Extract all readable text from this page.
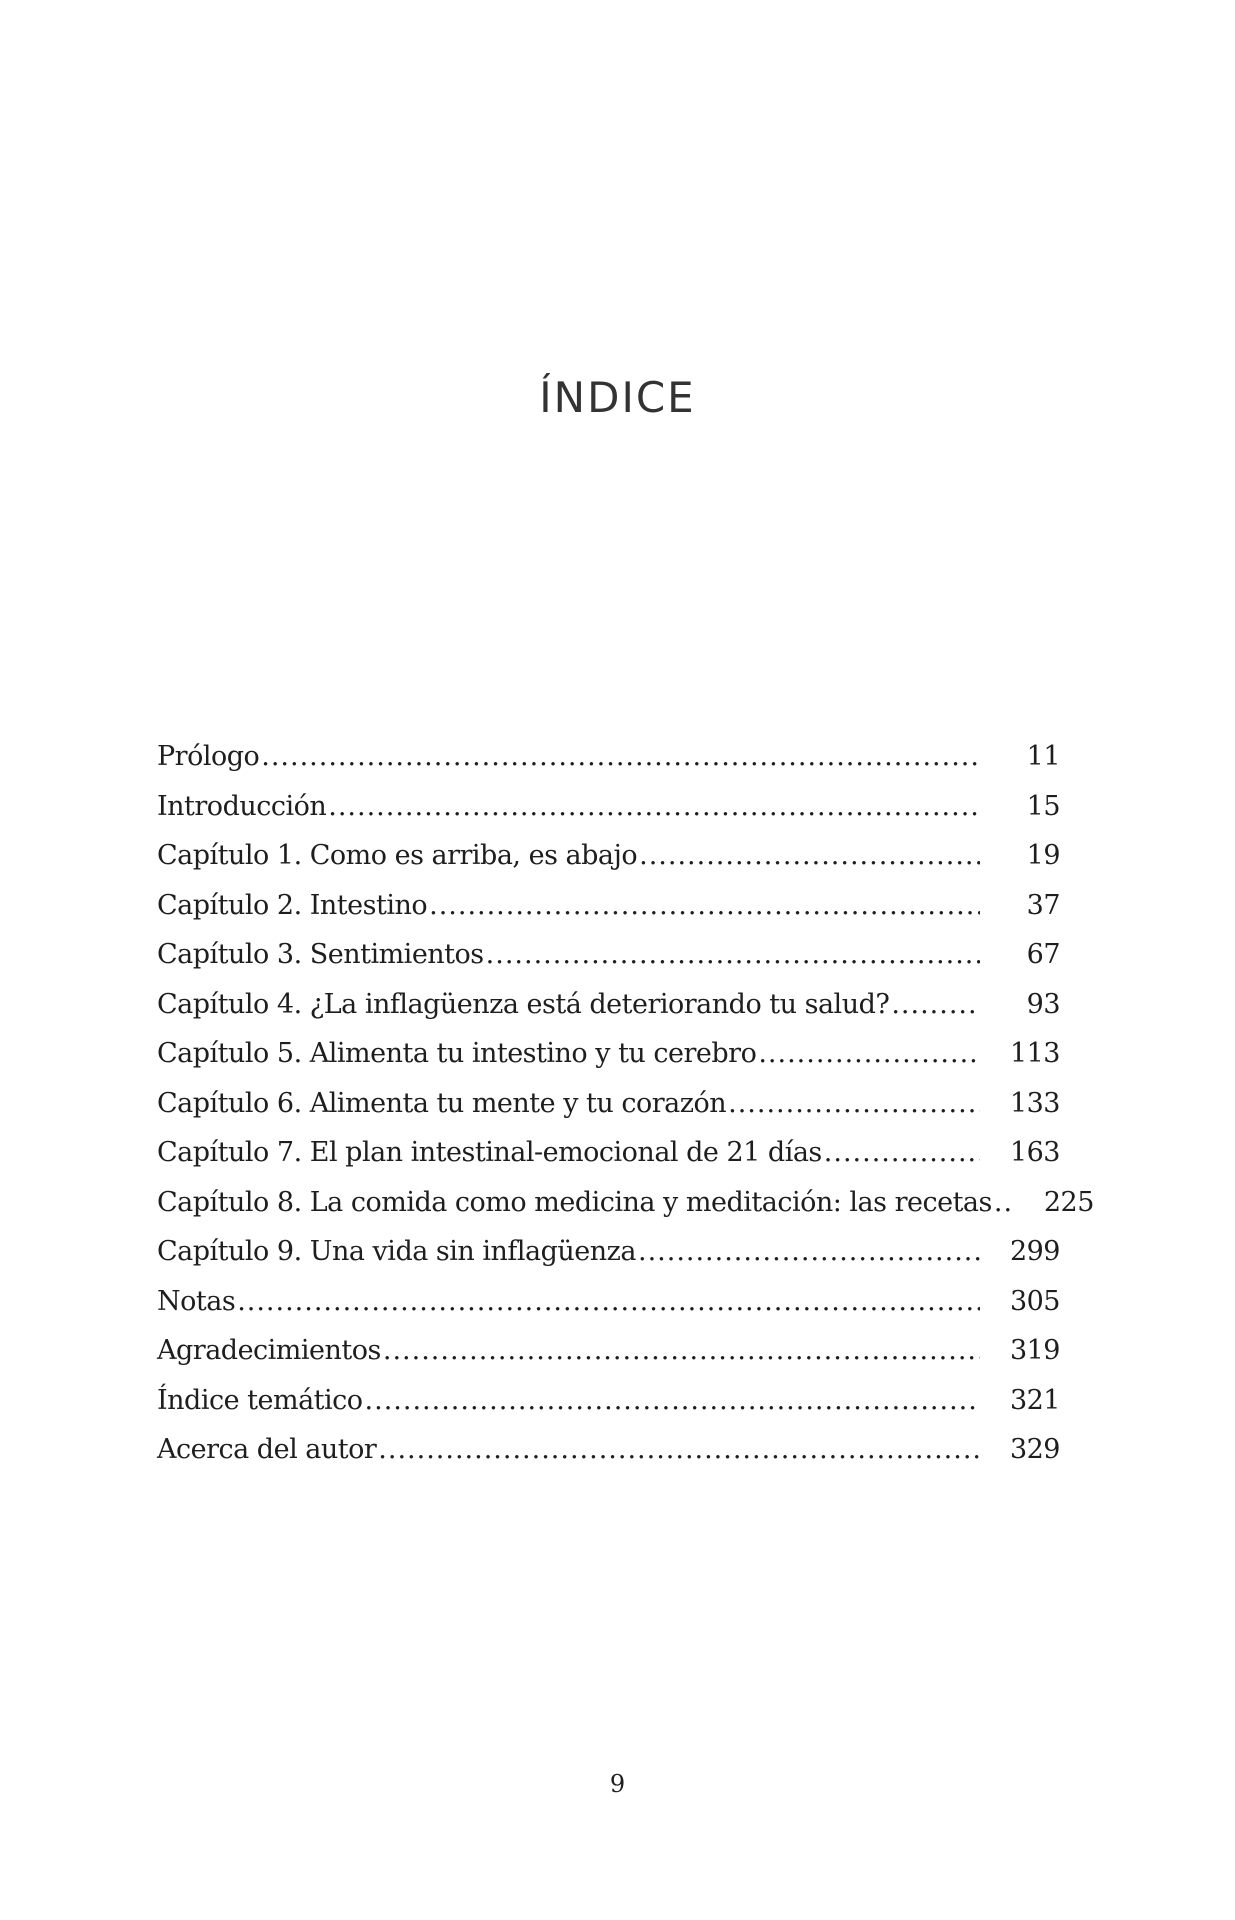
ÍNDICE
Prólogo .....	11
Introducción .....	15
Capítulo 1. Como es arriba, es abajo .....	19
Capítulo 2. Intestino .....	37
Capítulo 3. Sentimientos .....	67
Capítulo 4. ¿La inflagüenza está deteriorando tu salud? .....	93
Capítulo 5. Alimenta tu intestino y tu cerebro .....	113
Capítulo 6. Alimenta tu mente y tu corazón .....	133
Capítulo 7. El plan intestinal-emocional de 21 días .....	163
Capítulo 8. La comida como medicina y meditación: las recetas .....	225
Capítulo 9. Una vida sin inflagüenza .....	299
Notas .....	305
Agradecimientos .....	319
Índice temático .....	321
Acerca del autor .....	329
9
